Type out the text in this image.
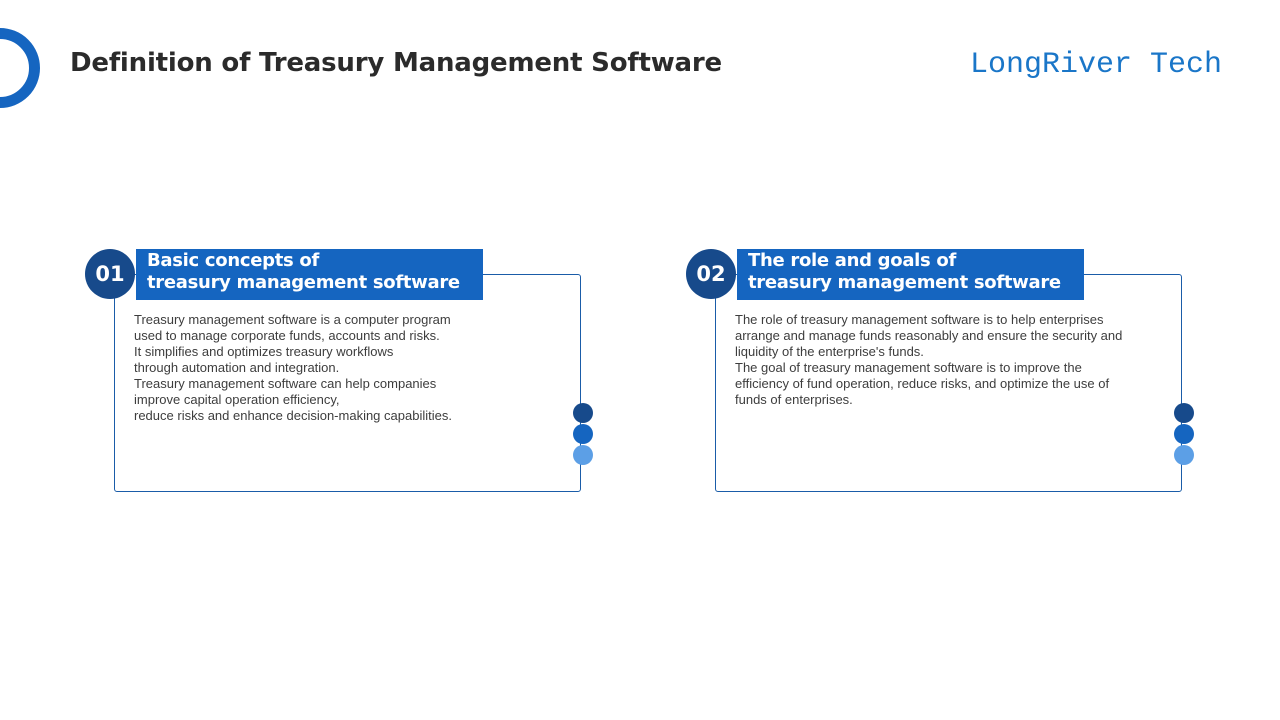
Definition of Treasury Management Software	LongRiver Tech
01
Basic concepts of
treasury management software
Treasury management software is a computer program
used to manage corporate funds, accounts and risks.
It simplifies and optimizes treasury workflows
through automation and integration.
Treasury management software can help companies
improve capital operation efficiency,
reduce risks and enhance decision-making capabilities.
02
The role and goals of
treasury management software
The role of treasury management software is to help enterprises
arrange and manage funds reasonably and ensure the security and
liquidity of the enterprise's funds.
The goal of treasury management software is to improve the
efficiency of fund operation, reduce risks, and optimize the use of
funds of enterprises.
